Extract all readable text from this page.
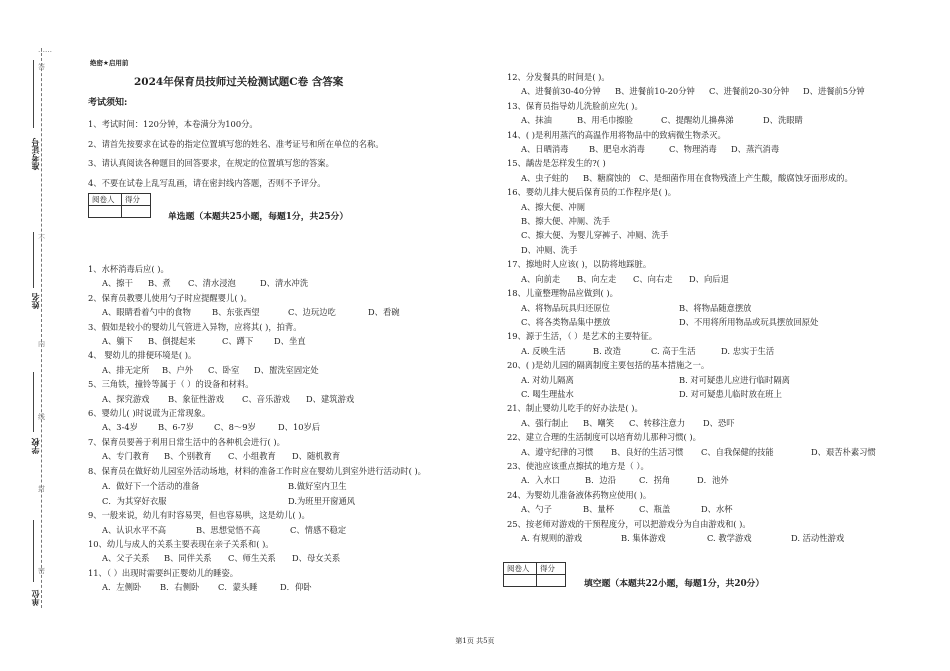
……
答
不
内
线
封
密
准考证号
姓名
学校
单位
绝密★启用前
2024年保育员技师过关检测试题C卷 含答案
考试须知:
1、考试时间：120分钟，本卷满分为100分。
2、请首先按要求在试卷的指定位置填写您的姓名、准考证号和所在单位的名称。
3、请认真阅读各种题目的回答要求，在规定的位置填写您的答案。
4、不要在试卷上乱写乱画，请在密封线内答题，否则不予评分。
阅卷人	得分

单选题（本题共25小题，每题1分，共25分）
1、水杯消毒后应( )。
A、擦干 B、煮 C、清水浸泡	D、清水冲洗
2、保育员教婴儿使用勺子时应提醒婴儿( )。
A、眼睛看着勺中的食物	B、东张西望	C、边玩边吃	D、看碗
3、假如是较小的婴幼儿气管进入异物，应将其( )，拍背。
A、躺下 B、倒提起来	C、蹲下	D、坐直
4、 婴幼儿的排便环境是( )。
A、排无定所 B、户外 C、卧室 D、盥洗室固定处
5、三角铁，撞铃等属于（ ）的设备和材料。
A、探究游戏 B、象征性游戏 C、音乐游戏 D、建筑游戏
6、婴幼儿( )时说谎为正常现象。
A、3-4岁 B、6-7岁 C、8～9岁	D、10岁后
7、保育员要善于利用日常生活中的各种机会进行( )。
A、专门教育 B、个别教育 C、小组教育 D、随机教育
8、保育员在做好幼儿园室外活动场地，材料的准备工作时应在婴幼儿到室外进行活动时( )。
A．做好下一个活动的准备	B.做好室内卫生
C．为其穿好衣服	D.为班里开窗通风
9、一般来说，幼儿有时容易哭，但也容易哄，这是幼儿( )。
A、认识水平不高	B、思想觉悟不高	C、情感不稳定
10、幼儿与成人的关系主要表现在亲子关系和( )。
A、父子关系 B、同伴关系 C、师生关系 D、母女关系
11、（ ）出现时需要纠正婴幼儿的睡姿。
A．左侧卧 B．右侧卧 C．蒙头睡	D．仰卧
12、分发餐具的时间是( )。
A、进餐前30-40分钟 B、进餐前10-20分钟 C、进餐前20-30分钟 D、进餐前5分钟
13、保育员指导幼儿洗脸前应先( )。
A、抹油	B、用毛巾擦脸	C、提醒幼儿擤鼻涕	D、洗眼睛
14、( )是利用蒸汽的高温作用将物品中的致病微生物杀灭。
A、日晒消毒 B、肥皂水消毒	C、物理消毒 D、蒸汽消毒
15、龋齿是怎样发生的?( )
A、虫子蛀的 B、糖腐蚀的 C、是细菌作用在食物残渣上产生酸，酸腐蚀牙面形成的。
16、婴幼儿排大便后保育员的工作程序是( )。
A、擦大便、冲厕
B、擦大便、冲厕、洗手
C、擦大便、为婴儿穿裤子、冲厕、洗手
D、冲厕、洗手
17、擦地时人应该( )，以防将地踩脏。
A、向前走 B、向左走 C、向右走 D、向后退
18、儿童整理物品应做到( )。
A、将物品玩具归还原位	B、将物品随意摆放
C、将各类物品集中摆放	D、不用将所用物品或玩具摆放回原处
19、源于生活，（ ）是艺术的主要特征。
A. 反映生活	B. 改造	C. 高于生活	D. 忠实于生活
20、( )是幼儿园的隔离制度主要包括的基本措施之一。
A. 对幼儿隔离	B. 对可疑患儿应进行临时隔离
C. 喝生理盐水	D. 对可疑患儿临时放在班上
21、制止婴幼儿吃手的好办法是( )。
A、强行制止 B、嘲笑 C、转移注意力 D、恐吓
22、建立合理的生活制度可以培育幼儿那种习惯( )。
A、遵守纪律的习惯 B、良好的生活习惯 C、自我保健的技能	D、艰苦朴素习惯
23、使池应该重点擦拭的地方是（ ）。
A．入水口	B．边沿	C．拐角	D．池外
24、为婴幼儿准备液体药物应使用( )。
A、勺子	B、量杯	C、瓶盖	D、水杯
25、按老师对游戏的干预程度分，可以把游戏分为自由游戏和( )。
A. 有规则的游戏	B. 集体游戏	C. 教学游戏	D. 活动性游戏
阅卷人	得分

填空题（本题共22小题，每题1分，共20分）
第1页 共5页
